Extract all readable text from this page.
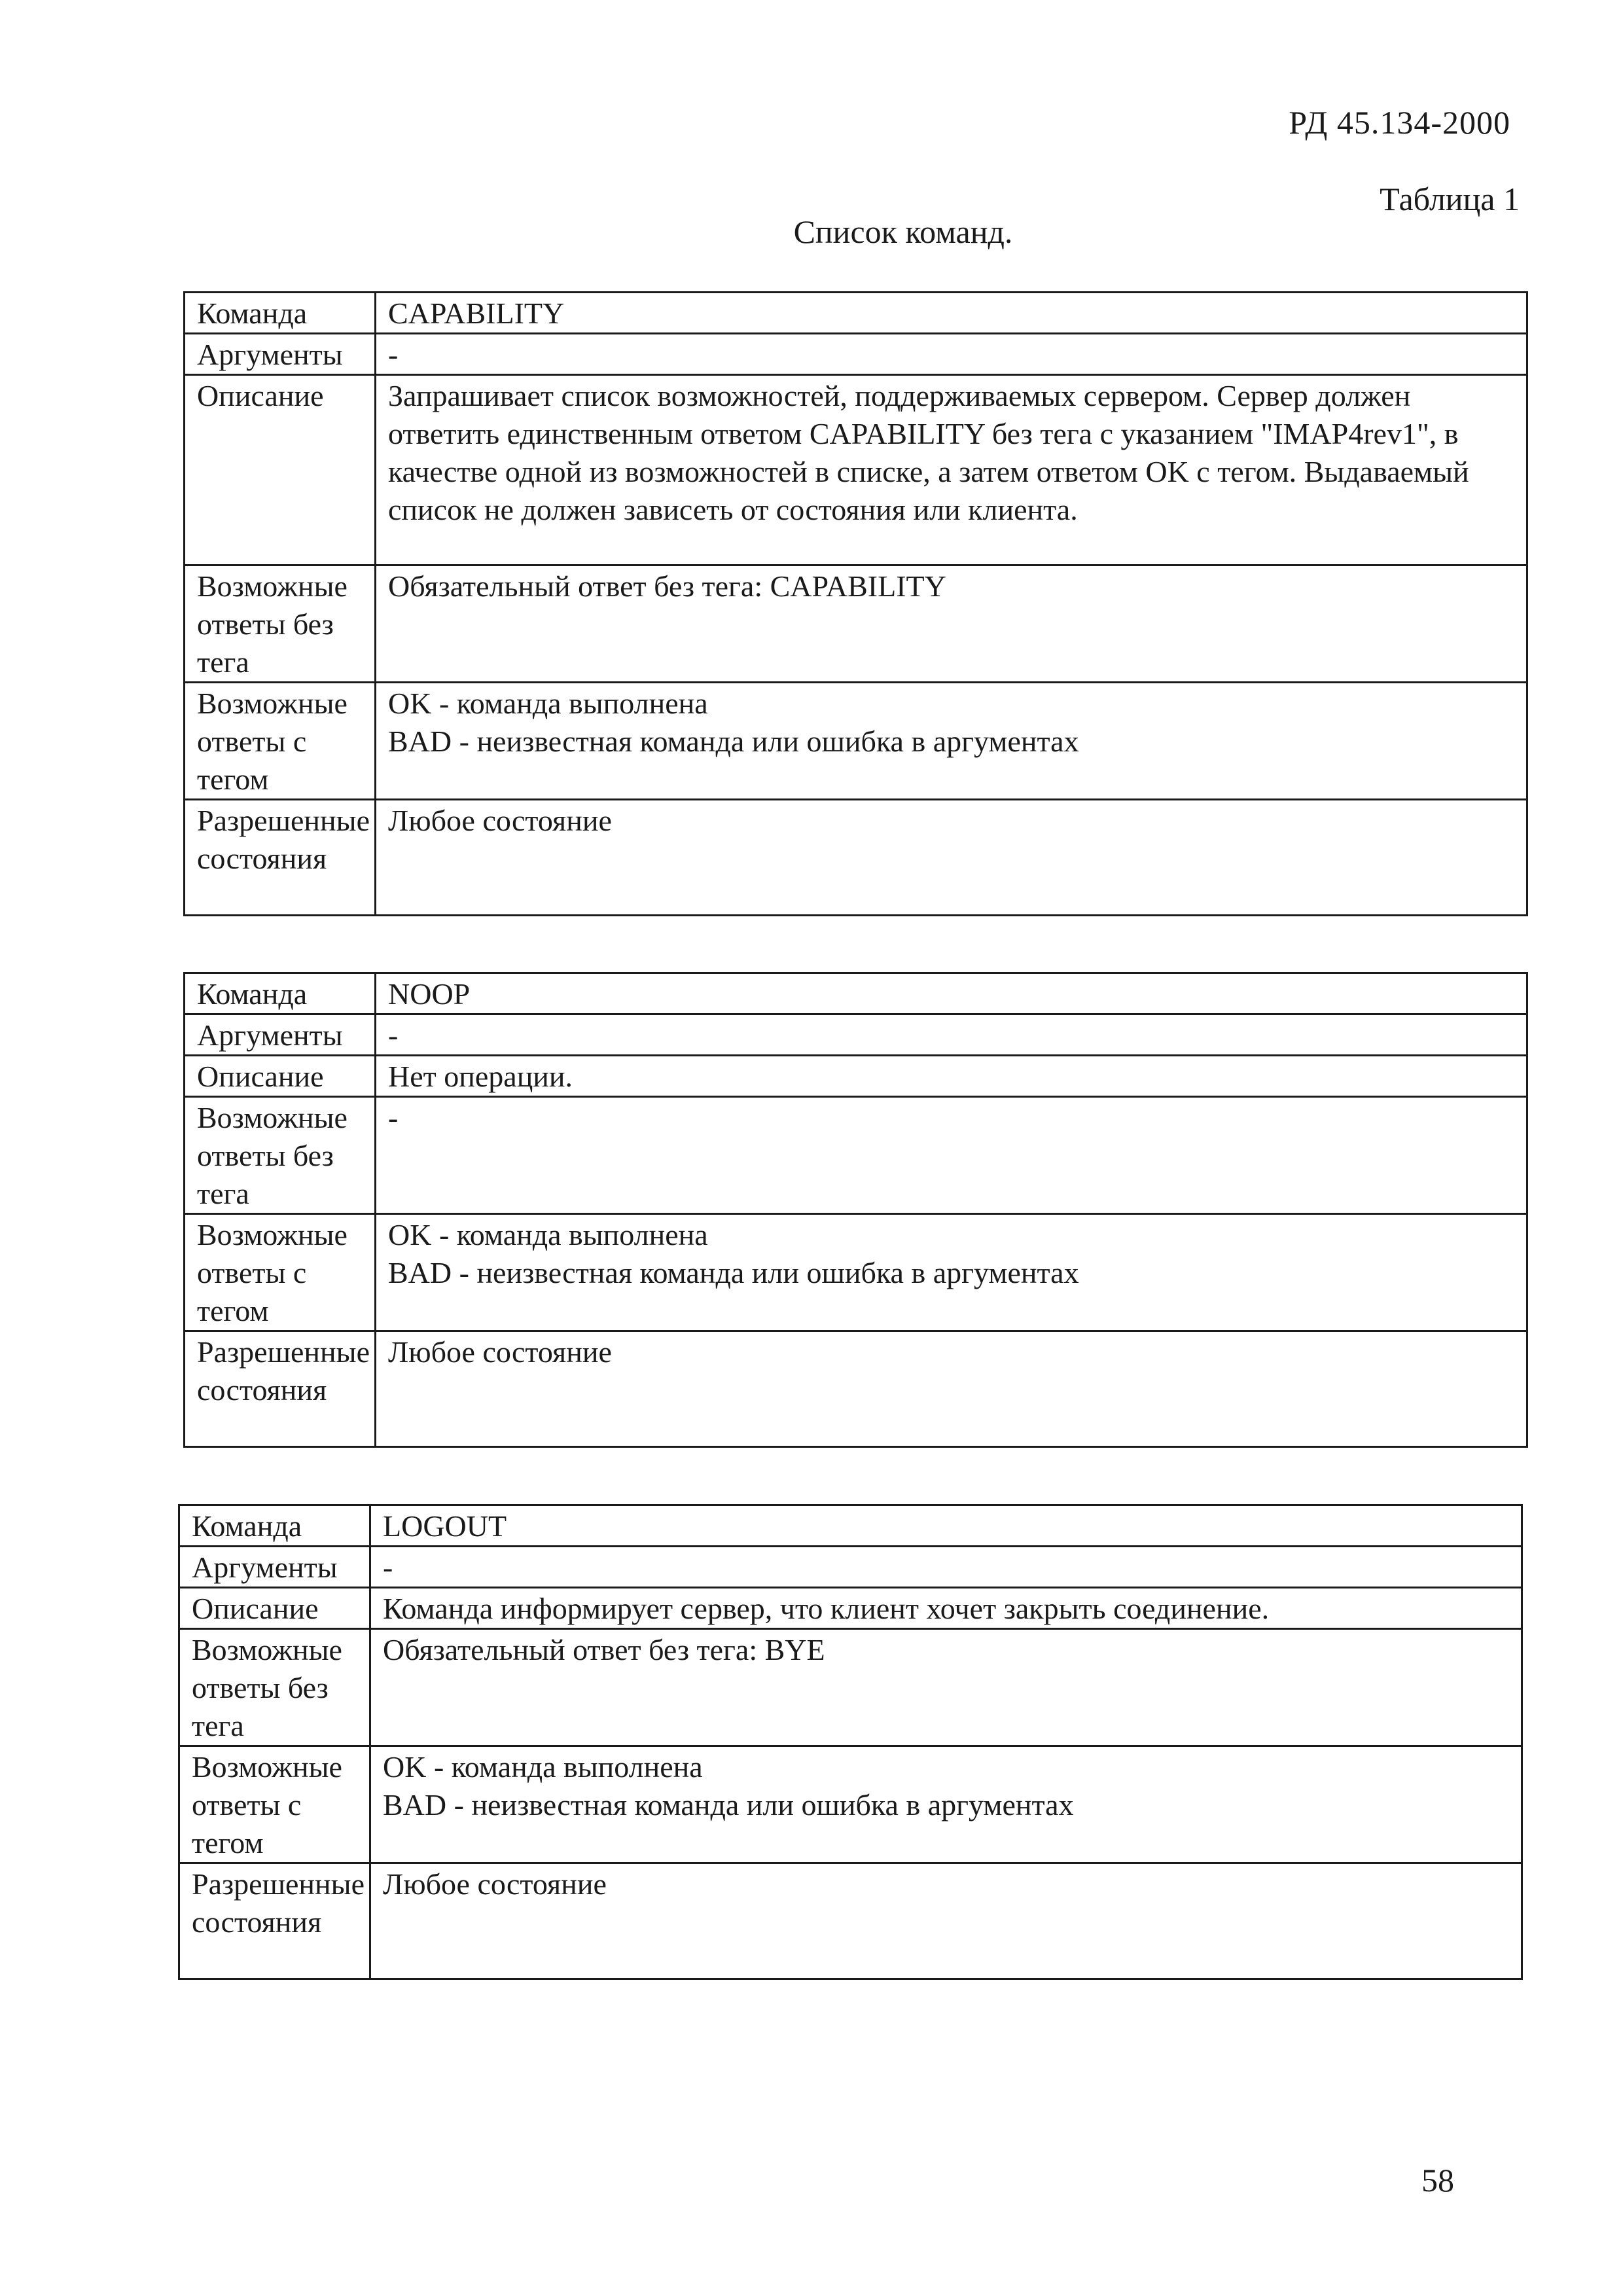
РД 45.134-2000
Таблица 1
Список команд.
Команда	CAPABILITY

Аргументы	-

Описание	Запрашивает список возможностей, поддерживаемых сервером. Сервер должен ответить единственным ответом CAPABILITY без тега с указанием "IMAP4rev1", в качестве одной из возможностей в списке, а затем ответом OK с тегом. Выдаваемый список не должен зависеть от состояния или клиента.

Возможные ответы без тега	Обязательный ответ без тега: CAPABILITY

Возможные ответы с тегом	OK - команда выполнена
BAD - неизвестная команда или ошибка в аргументах

Разрешенные состояния	Любое состояние
Команда	NOOP

Аргументы	-

Описание	Нет операции.

Возможные ответы без тега	-

Возможные ответы с тегом	OK - команда выполнена
BAD - неизвестная команда или ошибка в аргументах

Разрешенные состояния	Любое состояние
Команда	LOGOUT

Аргументы	-

Описание	Команда информирует сервер, что клиент хочет закрыть соединение.

Возможные ответы без тега	Обязательный ответ без тега: BYE

Возможные ответы с тегом	OK - команда выполнена
BAD - неизвестная команда или ошибка в аргументах

Разрешенные состояния	Любое состояние
58
